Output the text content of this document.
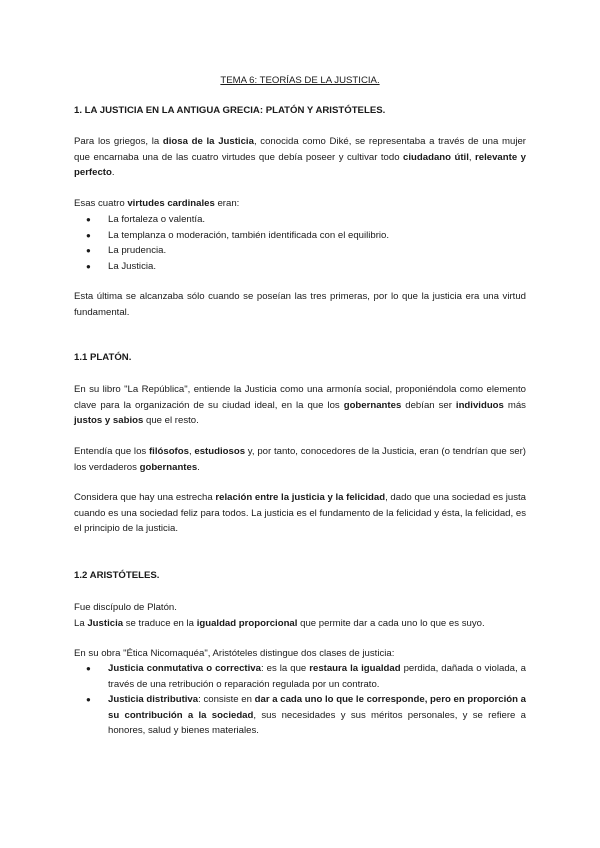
TEMA 6: TEORÍAS DE LA JUSTICIA.
1. LA JUSTICIA EN LA ANTIGUA GRECIA: PLATÓN Y ARISTÓTELES.

Para los griegos, la diosa de la Justicia, conocida como Diké, se representaba a través de una mujer que encarnaba una de las cuatro virtudes que debía poseer y cultivar todo ciudadano útil, relevante y perfecto.

Esas cuatro virtudes cardinales eran:

● La fortaleza o valentía.
● La templanza o moderación, también identificada con el equilibrio.
● La prudencia.
● La Justicia.

Esta última se alcanzaba sólo cuando se poseían las tres primeras, por lo que la justicia era una virtud fundamental.

1.1 PLATÓN.

En su libro "La República", entiende la Justicia como una armonía social, proponiéndola como elemento clave para la organización de su ciudad ideal, en la que los gobernantes debían ser individuos más justos y sabios que el resto.

Entendía que los filósofos, estudiosos y, por tanto, conocedores de la Justicia, eran (o tendrían que ser) los verdaderos gobernantes.

Considera que hay una estrecha relación entre la justicia y la felicidad, dado que una sociedad es justa cuando es una sociedad feliz para todos. La justicia es el fundamento de la felicidad y ésta, la felicidad, es el principio de la justicia.

1.2 ARISTÓTELES.

Fue discípulo de Platón.

La Justicia se traduce en la igualdad proporcional que permite dar a cada uno lo que es suyo.

En su obra "Ética Nicomaquéa", Aristóteles distingue dos clases de justicia:

● Justicia conmutativa o correctiva: es la que restaura la igualdad perdida, dañada o violada, a través de una retribución o reparación regulada por un contrato.
● Justicia distributiva: consiste en dar a cada uno lo que le corresponde, pero en proporción a su contribución a la sociedad, sus necesidades y sus méritos personales, y se refiere a honores, salud y bienes materiales.
